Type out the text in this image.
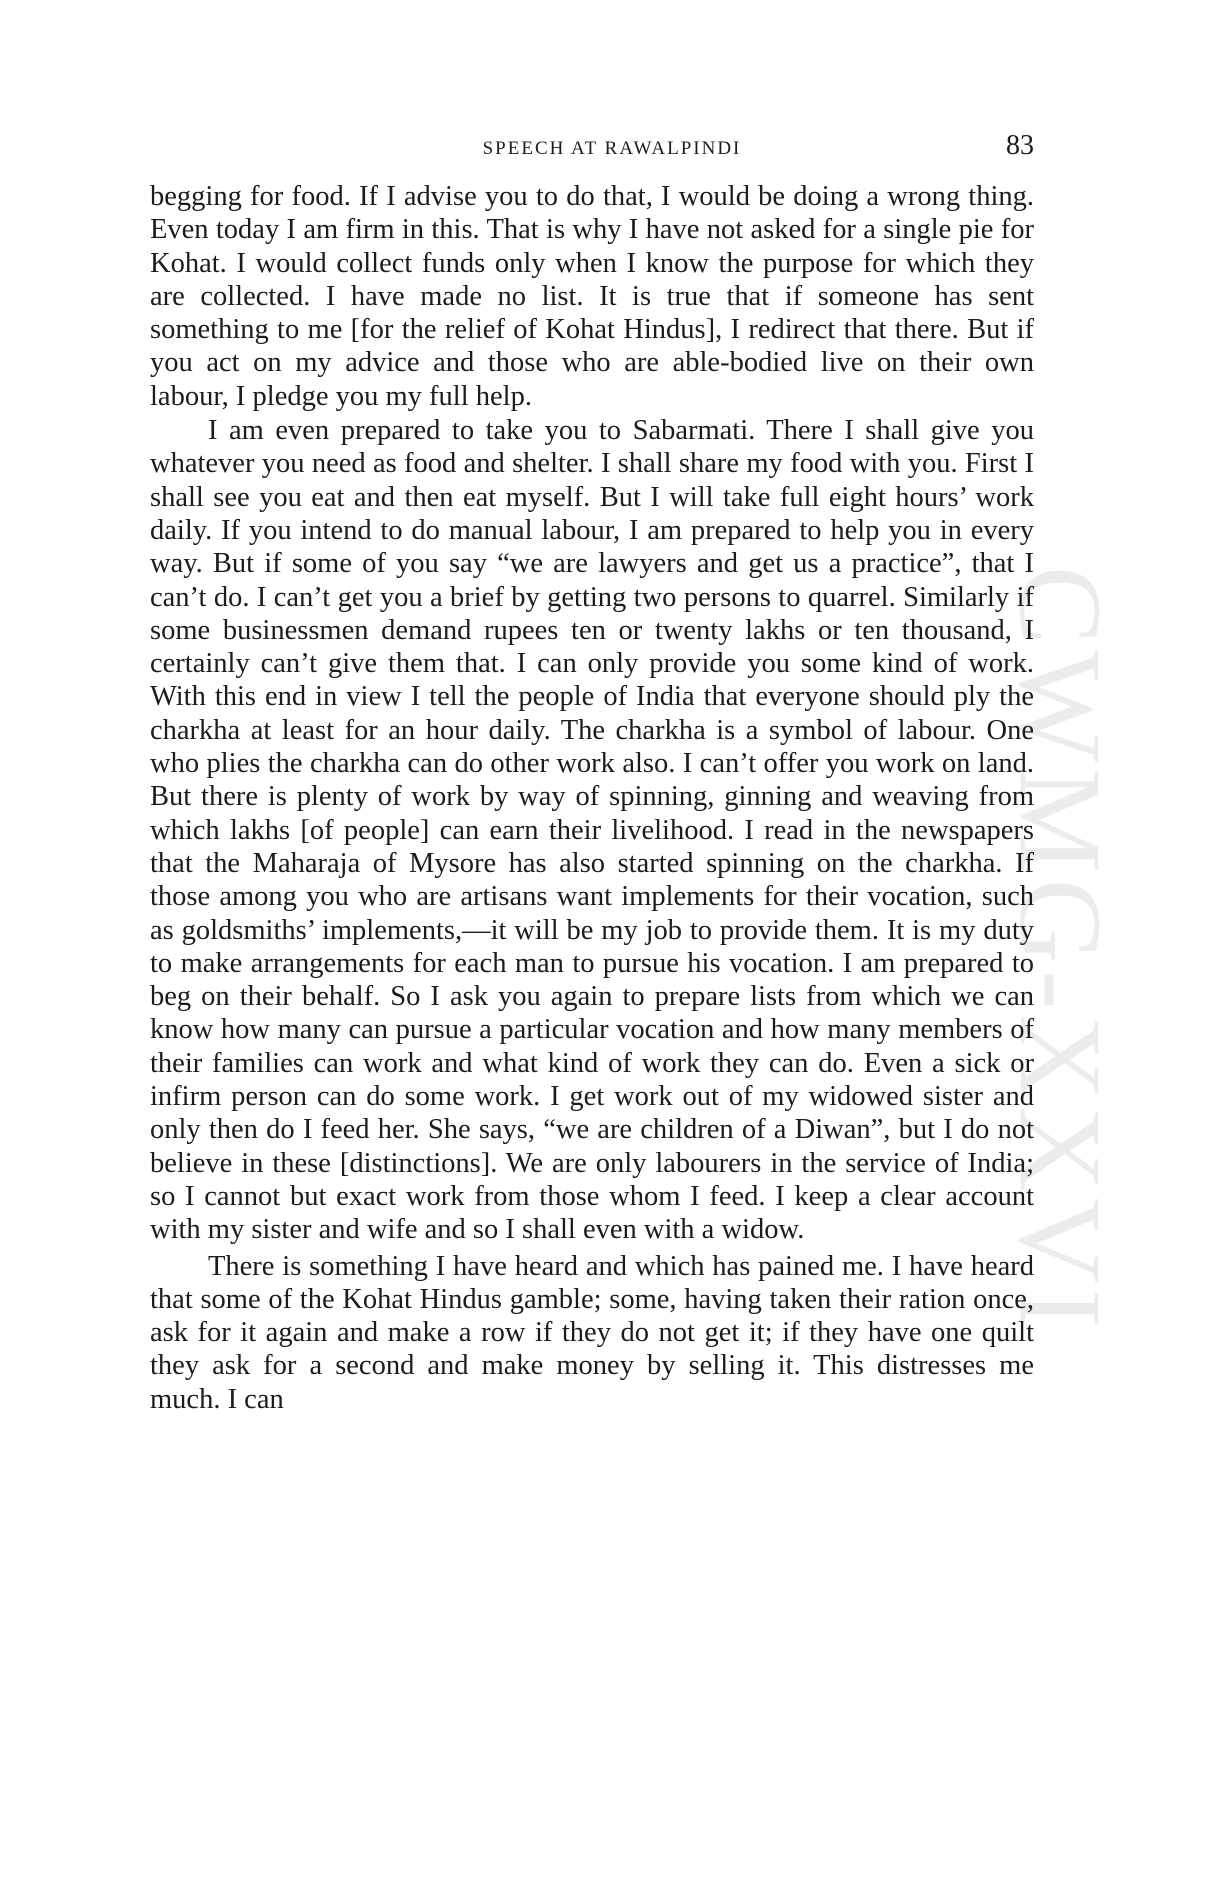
CWMG-XXVI
SPEECH AT RAWALPINDI	83

begging for food. If I advise you to do that, I would be doing a wrong thing. Even today I am firm in this. That is why I have not asked for a single pie for Kohat. I would collect funds only when I know the purpose for which they are collected. I have made no list. It is true that if someone has sent something to me [for the relief of Kohat Hindus], I redirect that there. But if you act on my advice and those who are able-bodied live on their own labour, I pledge you my full help.

I am even prepared to take you to Sabarmati. There I shall give you whatever you need as food and shelter. I shall share my food with you. First I shall see you eat and then eat myself. But I will take full eight hours’ work daily. If you intend to do manual labour, I am prepared to help you in every way. But if some of you say “we are lawyers and get us a practice”, that I can’t do. I can’t get you a brief by getting two persons to quarrel. Similarly if some businessmen demand rupees ten or twenty lakhs or ten thousand, I certainly can’t give them that. I can only provide you some kind of work. With this end in view I tell the people of India that everyone should ply the charkha at least for an hour daily. The charkha is a symbol of labour. One who plies the charkha can do other work also. I can’t offer you work on land. But there is plenty of work by way of spinning, ginning and weaving from which lakhs [of people] can earn their livelihood. I read in the newspapers that the Maharaja of Mysore has also started spinning on the charkha. If those among you who are artisans want implements for their vocation, such as goldsmiths’ implements,—it will be my job to provide them. It is my duty to make arrangements for each man to pursue his vocation. I am prepared to beg on their behalf. So I ask you again to prepare lists from which we can know how many can pursue a particular vocation and how many members of their families can work and what kind of work they can do. Even a sick or infirm person can do some work. I get work out of my widowed sister and only then do I feed her. She says, “we are children of a Diwan”, but I do not believe in these [distinctions]. We are only labourers in the service of India; so I cannot but exact work from those whom I feed. I keep a clear account with my sister and wife and so I shall even with a widow.

There is something I have heard and which has pained me. I have heard that some of the Kohat Hindus gamble; some, having taken their ration once, ask for it again and make a row if they do not get it; if they have one quilt they ask for a second and make money by selling it. This distresses me much. I can
